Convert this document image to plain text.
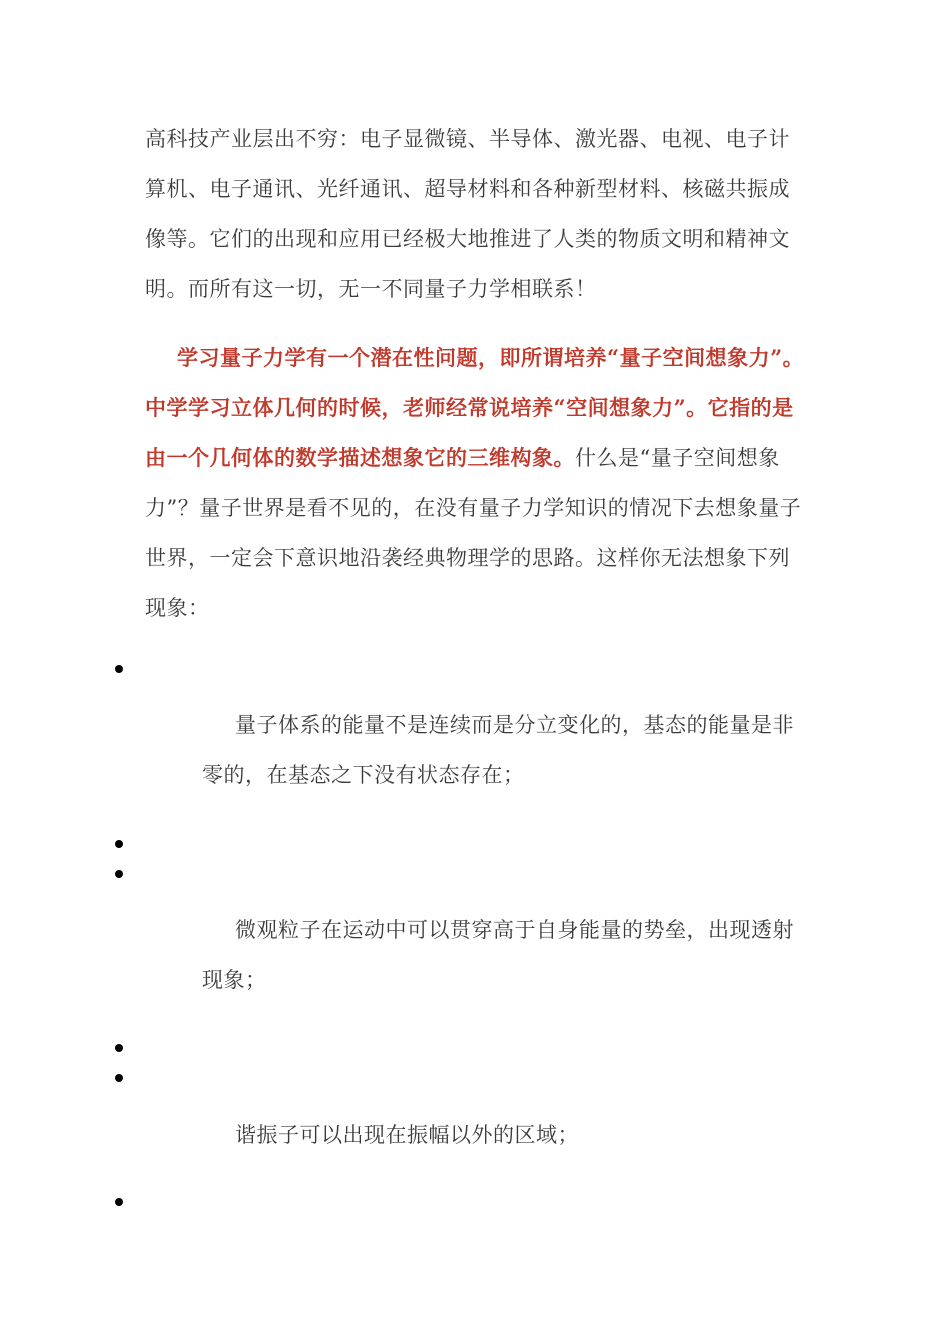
高科技产业层出不穷：电子显微镜、半导体、激光器、电视、电子计算机、电子通讯、光纤通讯、超导材料和各种新型材料、核磁共振成像等。它们的出现和应用已经极大地推进了人类的物质文明和精神文明。而所有这一切，无一不同量子力学相联系！

学习量子力学有一个潜在性问题，即所谓培养“量子空间想象力”。中学学习立体几何的时候，老师经常说培养“空间想象力”。它指的是由一个几何体的数学描述想象它的三维构象。什么是“量子空间想象力”？量子世界是看不见的，在没有量子力学知识的情况下去想象量子世界，一定会下意识地沿袭经典物理学的思路。这样你无法想象下列现象：

量子体系的能量不是连续而是分立变化的，基态的能量是非零的，在基态之下没有状态存在；

微观粒子在运动中可以贯穿高于自身能量的势垒，出现透射现象；

谐振子可以出现在振幅以外的区域；
